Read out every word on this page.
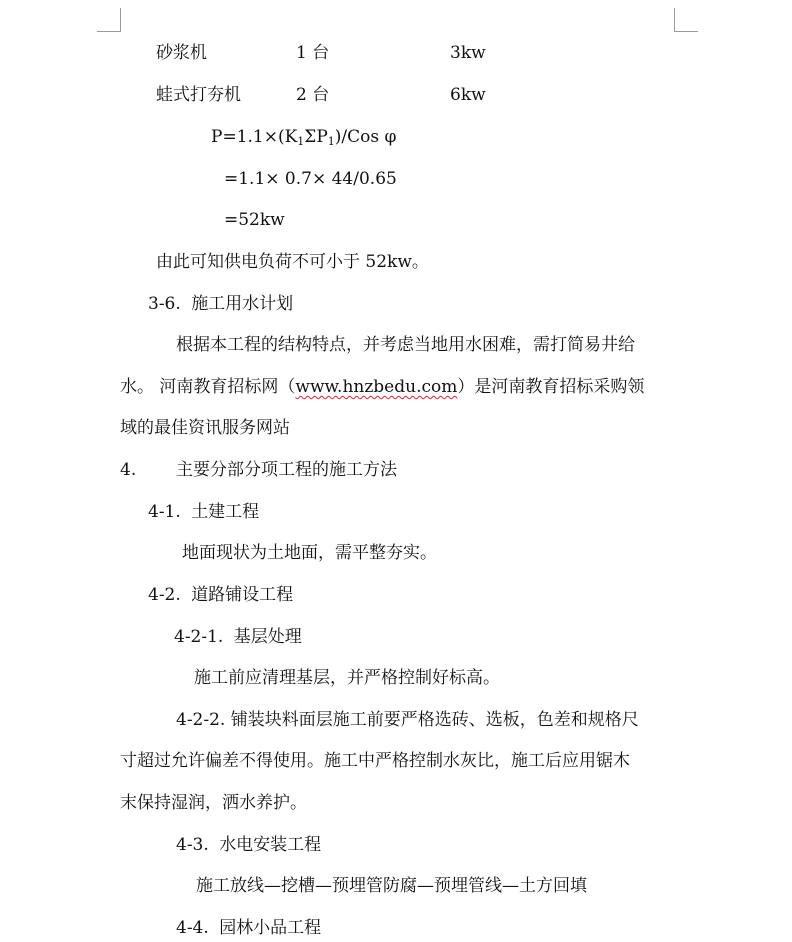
砂浆机	1 台	3kw
蛙式打夯机	2 台	6kw
$P=1.1\times(K_1\Sigma P_1)$/Cos φ
=1.1× 0.7× 44/0.65
=52kw
由此可知供电负荷不可小于 52kw。
3-6. 施工用水计划
根据本工程的结构特点，并考虑当地用水困难，需打简易井给
水。 河南教育招标网（www.hnzbedu.com）是河南教育招标采购领
域的最佳资讯服务网站
4. 主要分部分项工程的施工方法
4-1. 土建工程
地面现状为土地面，需平整夯实。
4-2. 道路铺设工程
4-2-1. 基层处理
施工前应清理基层，并严格控制好标高。
4-2-2. 铺装块料面层施工前要严格选砖、选板，色差和规格尺
寸超过允许偏差不得使用。施工中严格控制水灰比，施工后应用锯木
末保持湿润，洒水养护。
4-3. 水电安装工程
施工放线—挖槽—预埋管防腐—预埋管线—土方回填
4-4. 园林小品工程
